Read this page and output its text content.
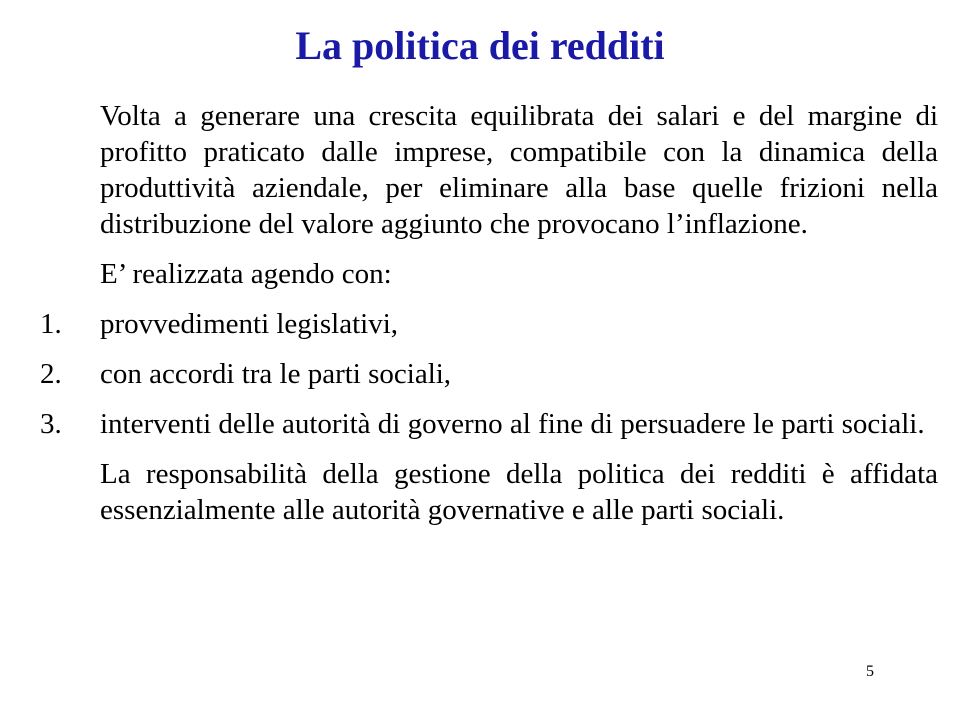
La politica dei redditi

Volta a generare una crescita equilibrata dei salari e del margine di profitto praticato dalle imprese, compatibile con la dinamica della produttività aziendale, per eliminare alla base quelle frizioni nella distribuzione del valore aggiunto che provocano l’inflazione.

E’ realizzata agendo con:

1.	provvedimenti legislativi,
2.	con accordi tra le parti sociali,
3.	interventi delle autorità di governo al fine di persuadere le parti sociali.

La responsabilità della gestione della politica dei redditi è affidata essenzialmente alle autorità governative e alle parti sociali.

5
